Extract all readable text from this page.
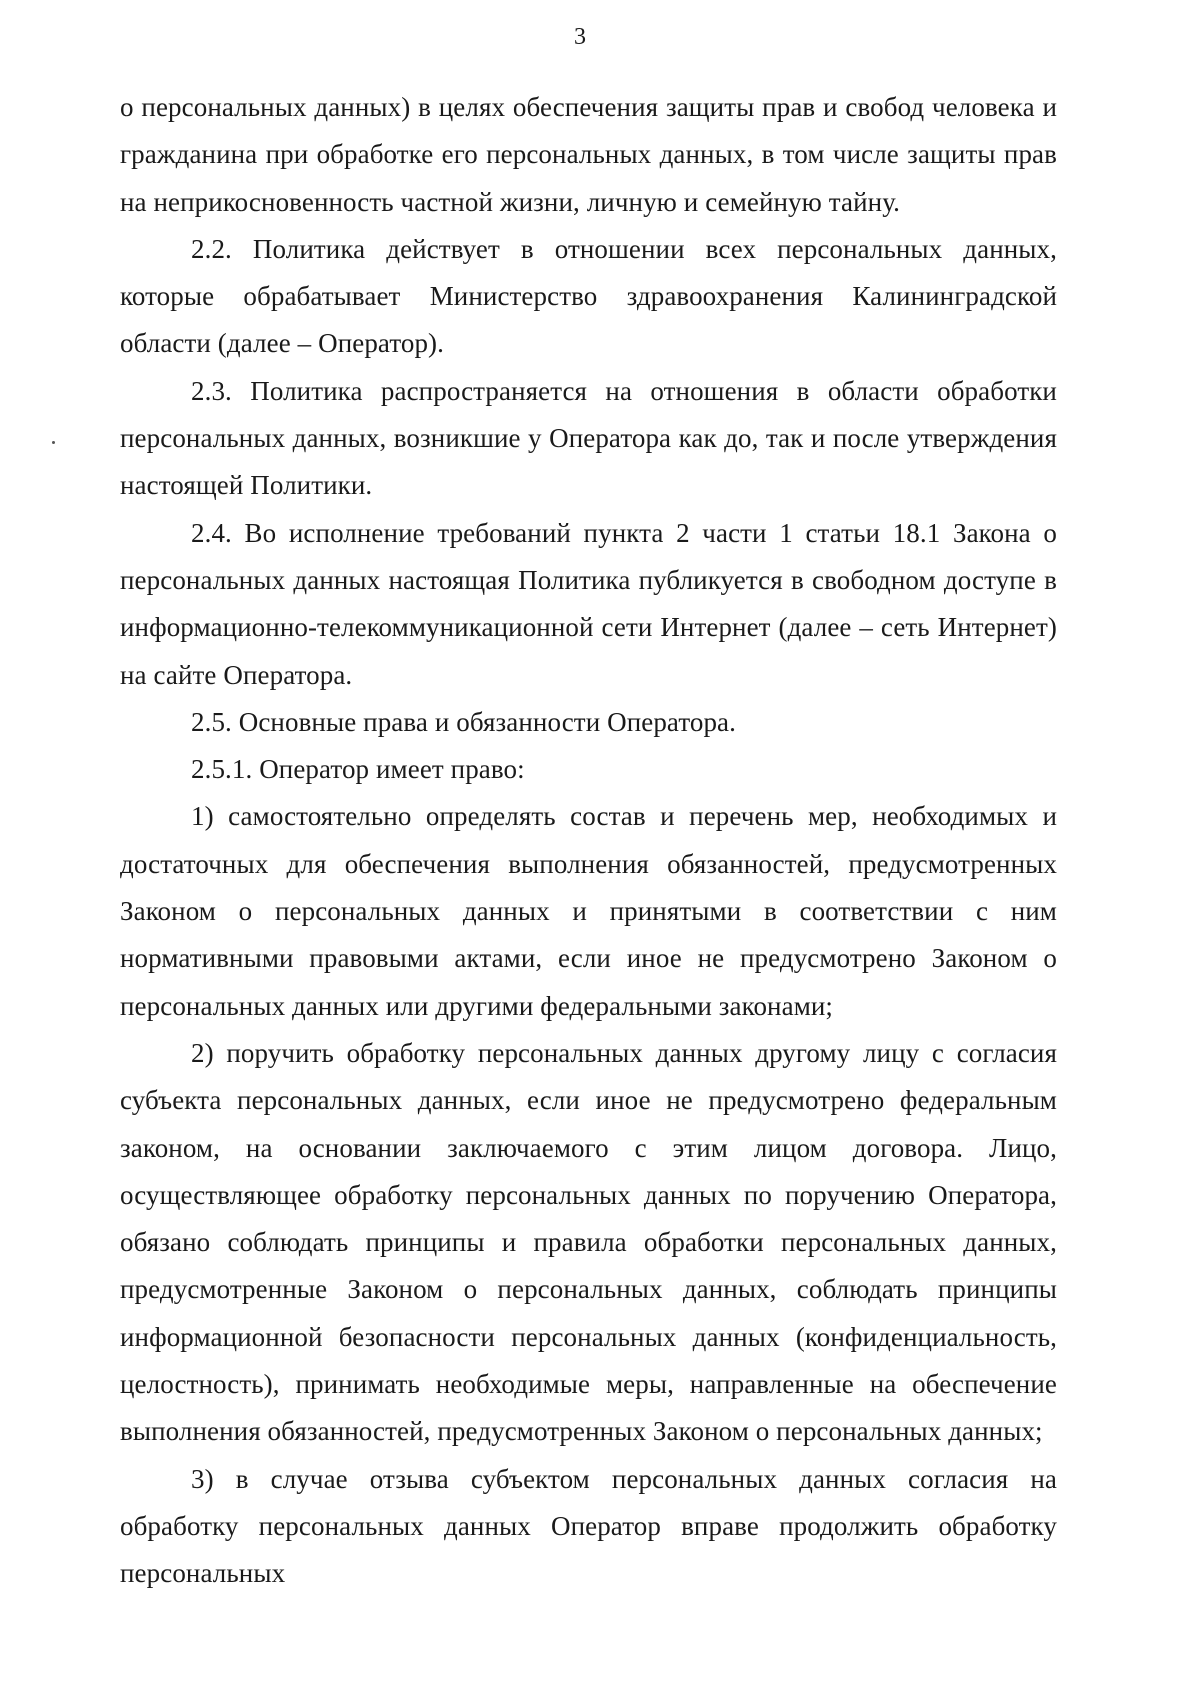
3

о персональных данных) в целях обеспечения защиты прав и свобод человека и гражданина при обработке его персональных данных, в том числе защиты прав на неприкосновенность частной жизни, личную и семейную тайну.

2.2. Политика действует в отношении всех персональных данных, которые обрабатывает Министерство здравоохранения Калининградской области (далее – Оператор).

2.3. Политика распространяется на отношения в области обработки персональных данных, возникшие у Оператора как до, так и после утверждения настоящей Политики.

2.4. Во исполнение требований пункта 2 части 1 статьи 18.1 Закона о персональных данных настоящая Политика публикуется в свободном доступе в информационно-телекоммуникационной сети Интернет (далее – сеть Интернет) на сайте Оператора.

2.5. Основные права и обязанности Оператора.

2.5.1. Оператор имеет право:

1) самостоятельно определять состав и перечень мер, необходимых и достаточных для обеспечения выполнения обязанностей, предусмотренных Законом о персональных данных и принятыми в соответствии с ним нормативными правовыми актами, если иное не предусмотрено Законом о персональных данных или другими федеральными законами;

2) поручить обработку персональных данных другому лицу с согласия субъекта персональных данных, если иное не предусмотрено федеральным законом, на основании заключаемого с этим лицом договора. Лицо, осуществляющее обработку персональных данных по поручению Оператора, обязано соблюдать принципы и правила обработки персональных данных, предусмотренные Законом о персональных данных, соблюдать принципы информационной безопасности персональных данных (конфиденциальность, целостность), принимать необходимые меры, направленные на обеспечение выполнения обязанностей, предусмотренных Законом о персональных данных;

3) в случае отзыва субъектом персональных данных согласия на обработку персональных данных Оператор вправе продолжить обработку персональных
